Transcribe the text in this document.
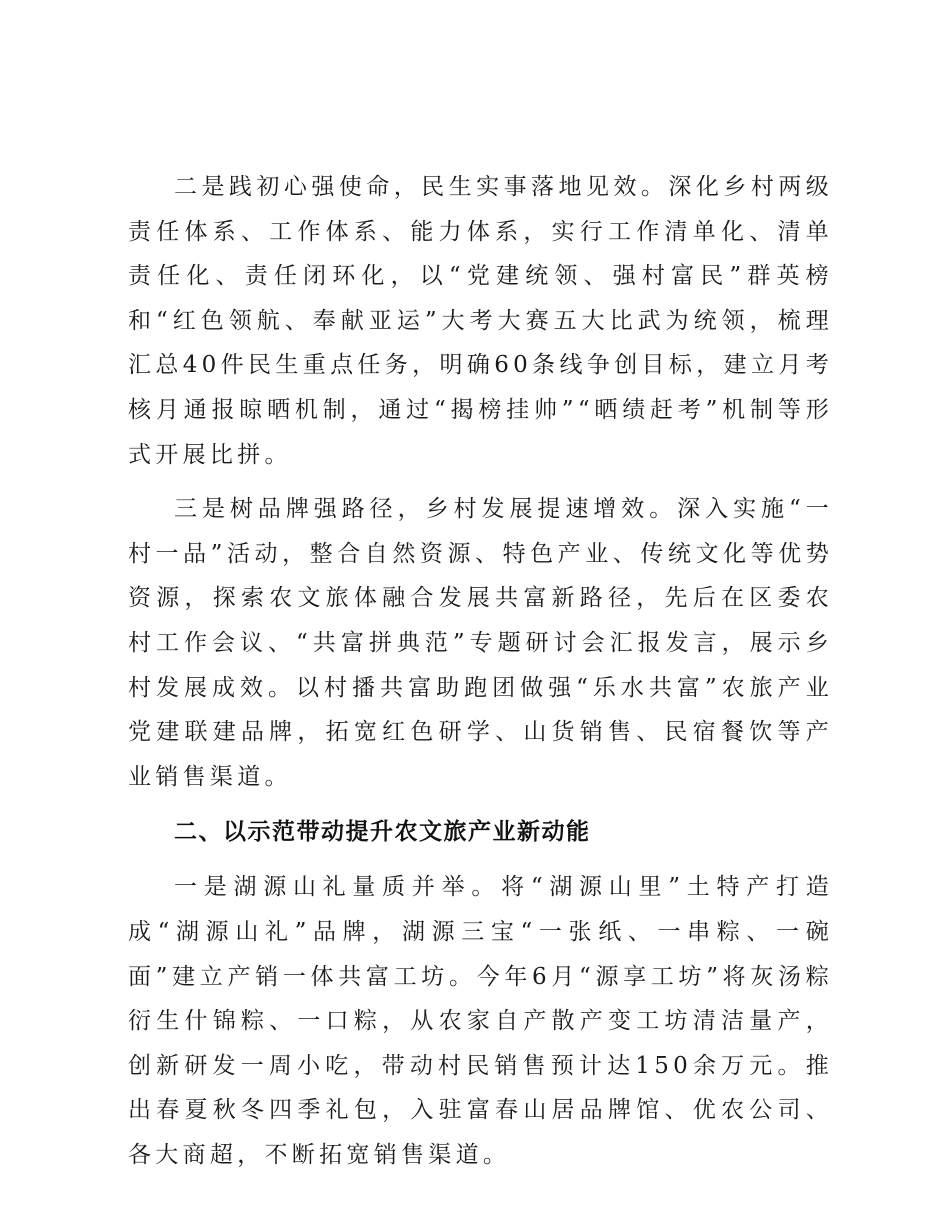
二是践初心强使命，民生实事落地见效。深化乡村两级责任体系、工作体系、能力体系，实行工作清单化、清单责任化、责任闭环化，以“党建统领、强村富民”群英榜和“红色领航、奉献亚运”大考大赛五大比武为统领，梳理汇总40件民生重点任务，明确60条线争创目标，建立月考核月通报晾晒机制，通过“揭榜挂帅”“晒绩赶考”机制等形式开展比拼。

三是树品牌强路径，乡村发展提速增效。深入实施“一村一品”活动，整合自然资源、特色产业、传统文化等优势资源，探索农文旅体融合发展共富新路径，先后在区委农村工作会议、“共富拼典范”专题研讨会汇报发言，展示乡村发展成效。以村播共富助跑团做强“乐水共富”农旅产业党建联建品牌，拓宽红色研学、山货销售、民宿餐饮等产业销售渠道。

二、以示范带动提升农文旅产业新动能

一是湖源山礼量质并举。将“湖源山里”土特产打造成“湖源山礼”品牌，湖源三宝“一张纸、一串粽、一碗面”建立产销一体共富工坊。今年6月“源享工坊”将灰汤粽衍生什锦粽、一口粽，从农家自产散产变工坊清洁量产，创新研发一周小吃，带动村民销售预计达150余万元。推出春夏秋冬四季礼包，入驻富春山居品牌馆、优农公司、各大商超，不断拓宽销售渠道。
